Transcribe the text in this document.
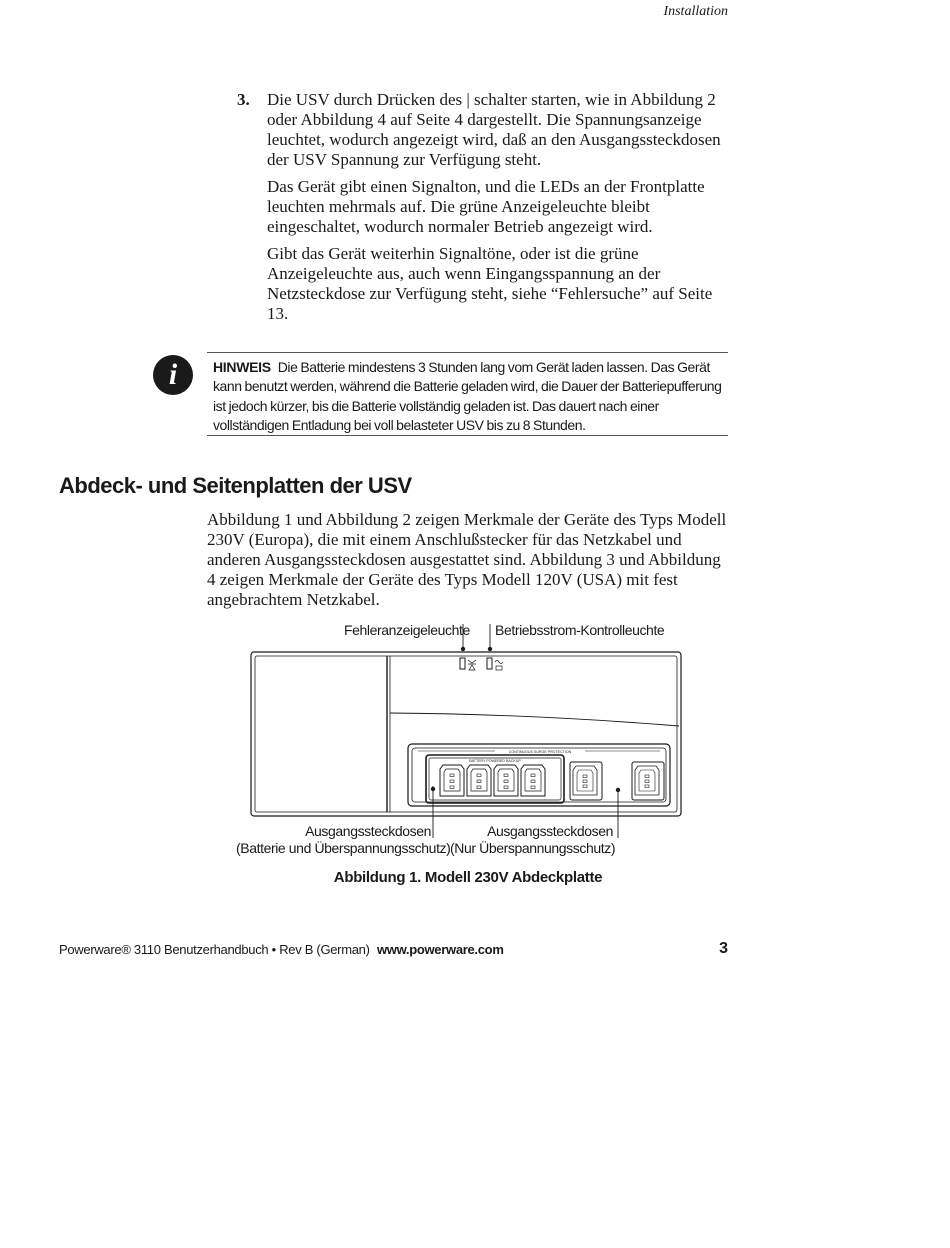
Installation
3. Die USV durch Drücken des | schalter starten, wie in Abbildung 2 oder Abbildung 4 auf Seite 4 dargestellt. Die Spannungsanzeige leuchtet, wodurch angezeigt wird, daß an den Ausgangssteckdosen der USV Spannung zur Verfügung steht.

Das Gerät gibt einen Signalton, und die LEDs an der Frontplatte leuchten mehrmals auf. Die grüne Anzeigeleuchte bleibt eingeschaltet, wodurch normaler Betrieb angezeigt wird.

Gibt das Gerät weiterhin Signaltöne, oder ist die grüne Anzeigeleuchte aus, auch wenn Eingangsspannung an der Netzsteckdose zur Verfügung steht, siehe “Fehlersuche” auf Seite 13.

i	HINWEIS Die Batterie mindestens 3 Stunden lang vom Gerät laden lassen. Das Gerät kann benutzt werden, während die Batterie geladen wird, die Dauer der Batteriepufferung ist jedoch kürzer, bis die Batterie vollständig geladen ist. Das dauert nach einer vollständigen Entladung bei voll belasteter USV bis zu 8 Stunden.

Abdeck- und Seitenplatten der USV

Abbildung 1 und Abbildung 2 zeigen Merkmale der Geräte des Typs Modell 230V (Europa), die mit einem Anschlußstecker für das Netzkabel und anderen Ausgangssteckdosen ausgestattet sind. Abbildung 3 und Abbildung 4 zeigen Merkmale der Geräte des Typs Modell 120V (USA) mit fest angebrachtem Netzkabel.

Fehleranzeigeleuchte Betriebsstrom-Kontrolleuchte
Ausgangssteckdosen
(Batterie und Überspannungsschutz)
Ausgangssteckdosen
(Nur Überspannungsschutz)
CONTINUOUS SURGE PROTECTION
BATTERY POWERED BACKUP
Abbildung 1. Modell 230V Abdeckplatte
Powerware® 3110 Benutzerhandbuch • Rev B (German) www.powerware.com	3
